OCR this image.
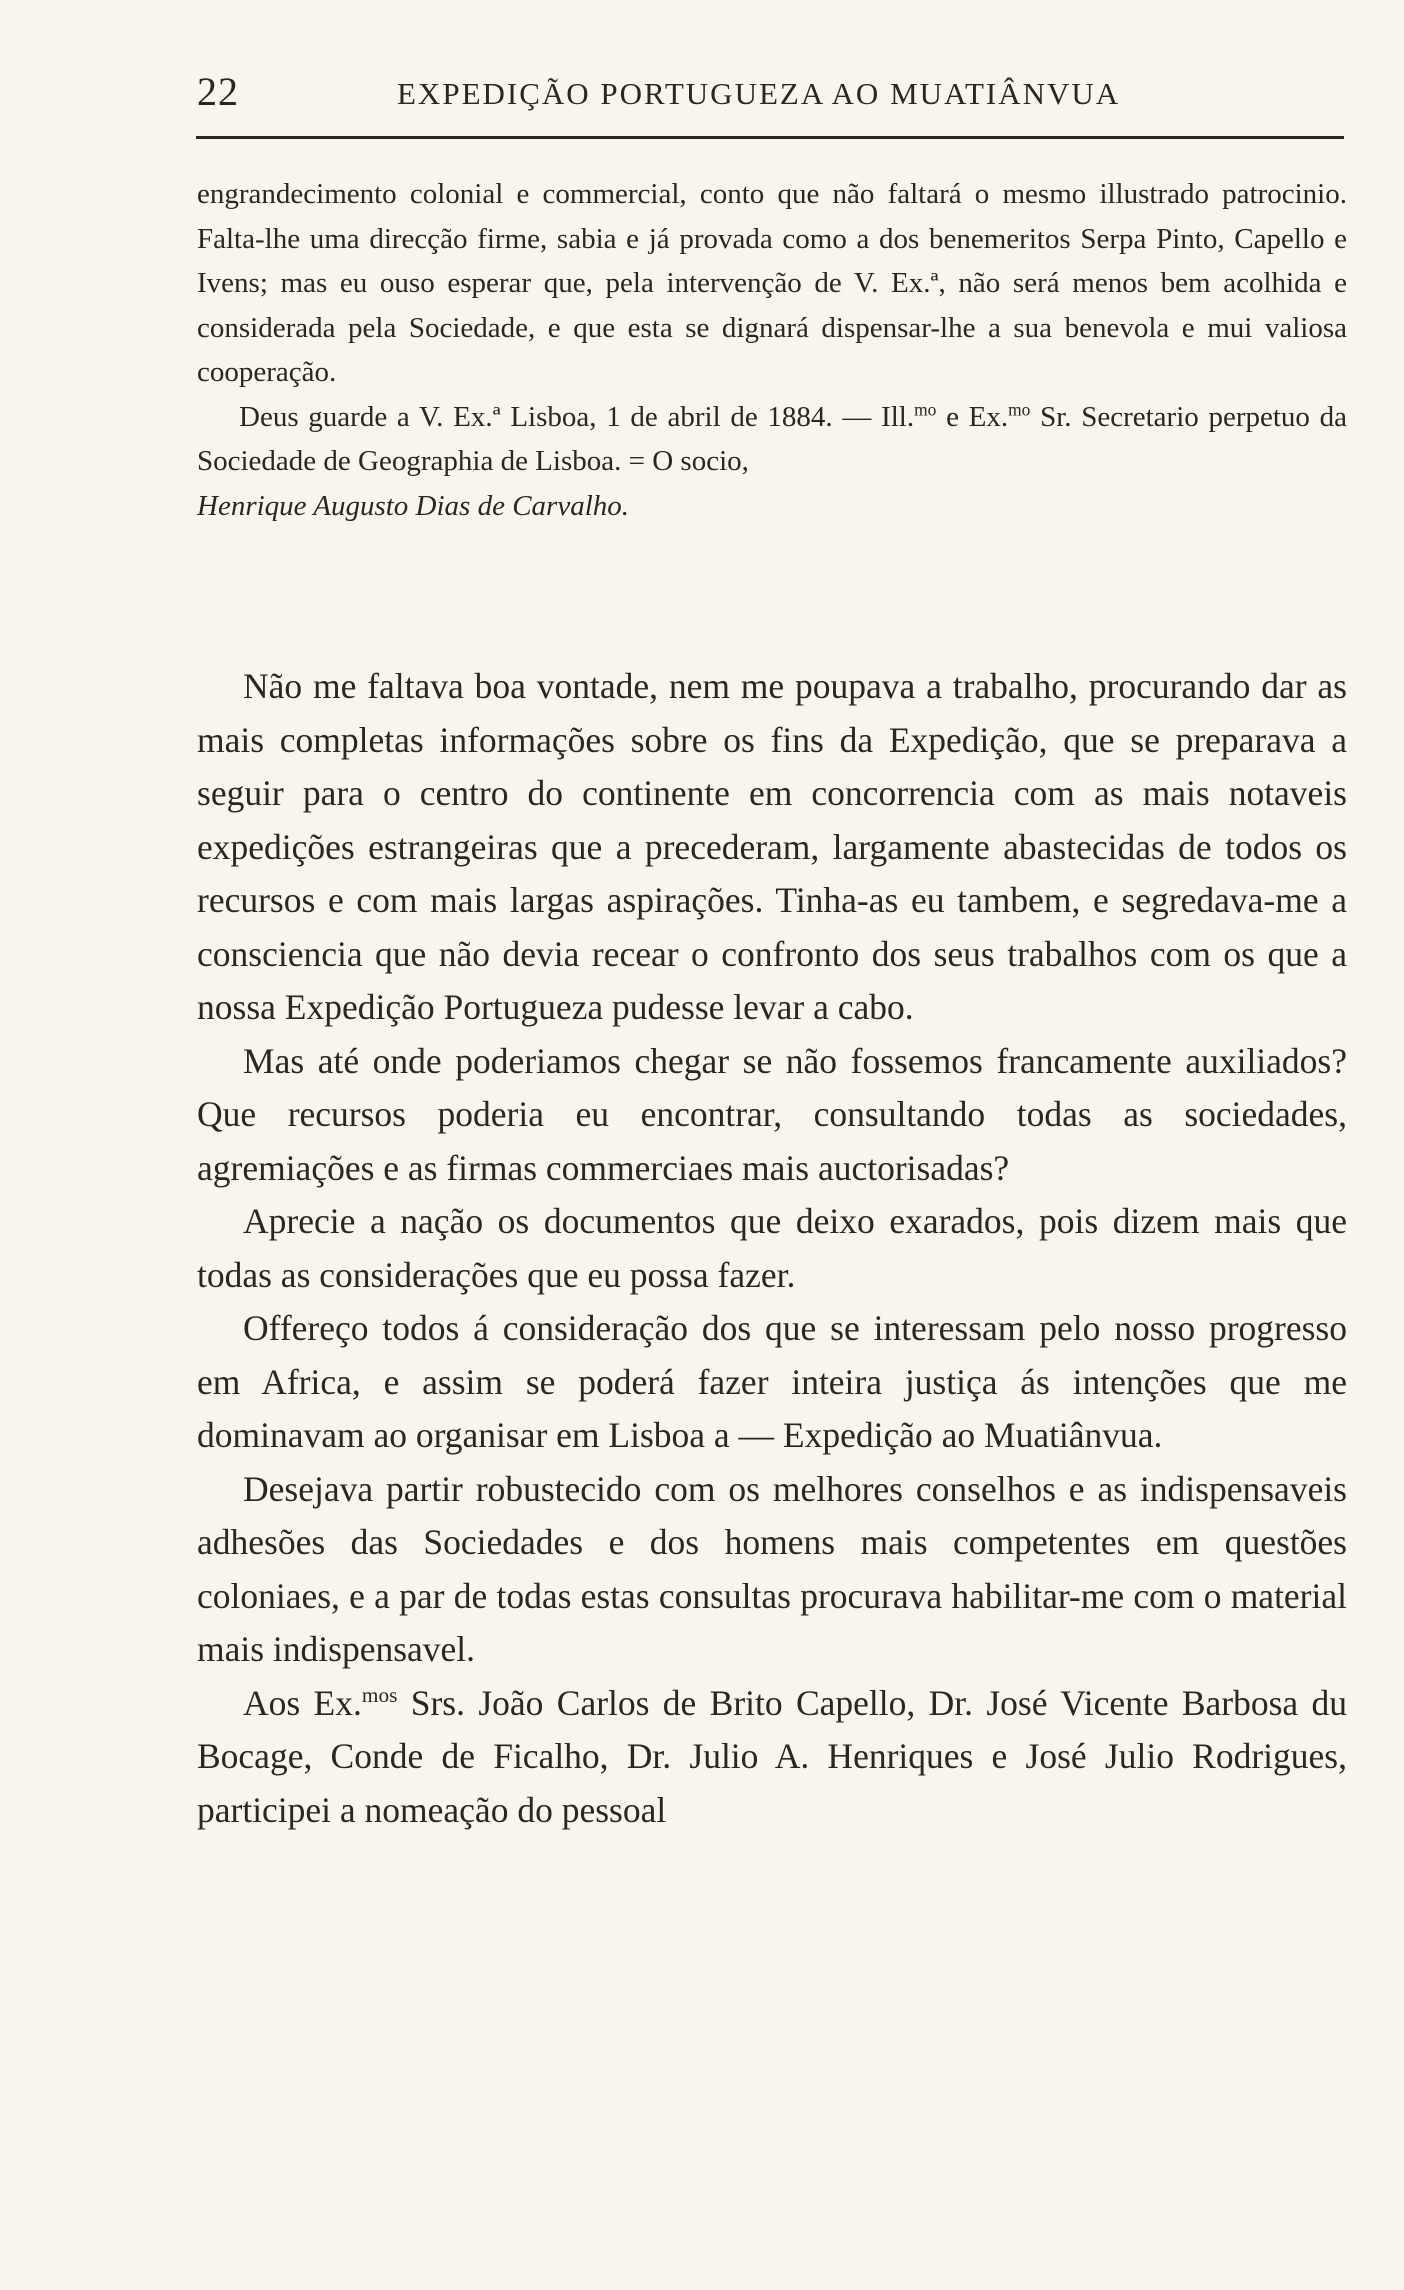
22	EXPEDIÇÃO PORTUGUEZA AO MUATIÂNVUA

engrandecimento colonial e commercial, conto que não faltará o mesmo illustrado patrocinio. Falta-lhe uma direcção firme, sabia e já provada como a dos benemeritos Serpa Pinto, Capello e Ivens; mas eu ouso esperar que, pela intervenção de V. Ex.ª, não será menos bem acolhida e considerada pela Sociedade, e que esta se dignará dispensar-lhe a sua benevola e mui valiosa cooperação.

Deus guarde a V. Ex.ª Lisboa, 1 de abril de 1884. — Ill.$^{mo}$ e Ex.$^{mo}$ Sr. Secretario perpetuo da Sociedade de Geographia de Lisboa. = O socio,

Henrique Augusto Dias de Carvalho.

Não me faltava boa vontade, nem me poupava a trabalho, procurando dar as mais completas informações sobre os fins da Expedição, que se preparava a seguir para o centro do continente em concorrencia com as mais notaveis expedições estrangeiras que a precederam, largamente abastecidas de todos os recursos e com mais largas aspirações. Tinha-as eu tambem, e segredava-me a consciencia que não devia recear o confronto dos seus trabalhos com os que a nossa Expedição Portugueza pudesse levar a cabo.

Mas até onde poderiamos chegar se não fossemos francamente auxiliados? Que recursos poderia eu encontrar, consultando todas as sociedades, agremiações e as firmas commerciaes mais auctorisadas?

Aprecie a nação os documentos que deixo exarados, pois dizem mais que todas as considerações que eu possa fazer.

Offereço todos á consideração dos que se interessam pelo nosso progresso em Africa, e assim se poderá fazer inteira justiça ás intenções que me dominavam ao organisar em Lisboa a — Expedição ao Muatiânvua.

Desejava partir robustecido com os melhores conselhos e as indispensaveis adhesões das Sociedades e dos homens mais competentes em questões coloniaes, e a par de todas estas consultas procurava habilitar-me com o material mais indispensavel.

Aos Ex.$^{mos}$ Srs. João Carlos de Brito Capello, Dr. José Vicente Barbosa du Bocage, Conde de Ficalho, Dr. Julio A. Henriques e José Julio Rodrigues, participei a nomeação do pessoal
